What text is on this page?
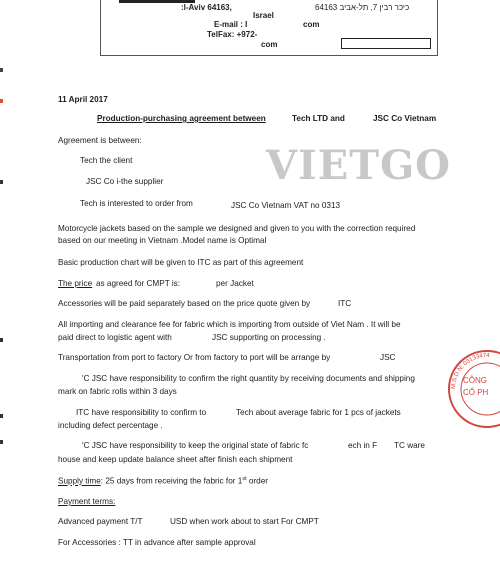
:l-Aviv 64163,	64163 כיכר רבין 7, תל-אביב
Israel
E-mail : I	com
TelFax: +972-
com
11 April 2017
Production-purchasing agreement between	Tech LTD and	JSC Co Vietnam
VIETGO
Agreement is between:
Tech the client
JSC Co i-the supplier
Tech is interested to order from	JSC Co Vietnam VAT no 0313
Motorcycle jackets based on the sample we designed and given to you with the correction required
based on our meeting in Vietnam .Model name is Optimal
Basic production chart will be given to ITC as part of this agreement
The price as agreed for CMPT is:	per Jacket
Accessories will be paid separately based on the price quote given by	ITC
All importing and clearance fee for fabric which is importing from outside of Viet Nam . It will be
paid direct to logistic agent with	JSC supporting on processing .
Transportation from port to factory Or from factory to port will be arrange by	JSC
'C JSC have responsibility to confirm the right quantity by receiving documents and shipping
mark on fabric rolls within 3 days
ITC have responsibility to confirm to	Tech about average fabric for 1 pcs of jackets
including defect percentage .
'C JSC have responsibility to keep the original state of fabric fc	ech in F TC ware
house and keep update balance sheet after finish each shipment
Supply time: 25 days from receiving the fabric for 1st order
Payment terms:
Advanced payment T/T	USD when work about to start For CMPT
For Accessories : TT in advance after sample approval
M.S.D.N: 03133474
CÔNG
CỔ PH
